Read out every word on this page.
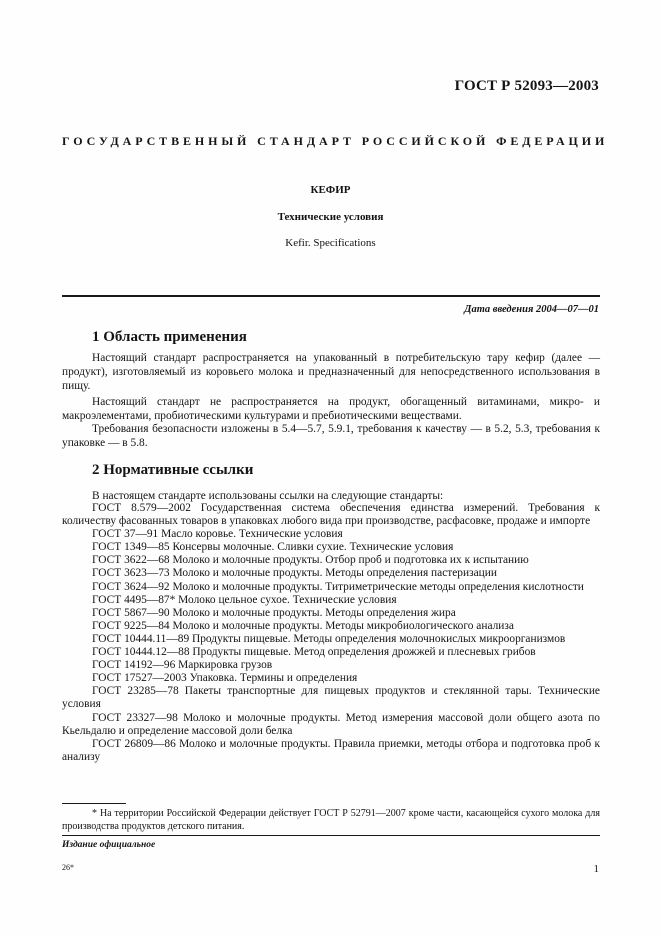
ГОСТ Р 52093—2003
ГОСУДАРСТВЕННЫЙ СТАНДАРТ РОССИЙСКОЙ ФЕДЕРАЦИИ
КЕФИР
Технические условия
Kefir. Specifications
Дата введения 2004—07—01
1 Область применения

Настоящий стандарт распространяется на упакованный в потребительскую тару кефир (далее — продукт), изготовляемый из коровьего молока и предназначенный для непосредственного использования в пищу.

Настоящий стандарт не распространяется на продукт, обогащенный витаминами, микро- и макроэлементами, пробиотическими культурами и пребиотическими веществами.

Требования безопасности изложены в 5.4—5.7, 5.9.1, требования к качеству — в 5.2, 5.3, требования к упаковке — в 5.8.

2 Нормативные ссылки

В настоящем стандарте использованы ссылки на следующие стандарты:

ГОСТ 8.579—2002 Государственная система обеспечения единства измерений. Требования к количеству фасованных товаров в упаковках любого вида при производстве, расфасовке, продаже и импорте
ГОСТ 37—91 Масло коровье. Технические условия
ГОСТ 1349—85 Консервы молочные. Сливки сухие. Технические условия
ГОСТ 3622—68 Молоко и молочные продукты. Отбор проб и подготовка их к испытанию
ГОСТ 3623—73 Молоко и молочные продукты. Методы определения пастеризации
ГОСТ 3624—92 Молоко и молочные продукты. Титриметрические методы определения кислотности
ГОСТ 4495—87* Молоко цельное сухое. Технические условия
ГОСТ 5867—90 Молоко и молочные продукты. Методы определения жира
ГОСТ 9225—84 Молоко и молочные продукты. Методы микробиологического анализа
ГОСТ 10444.11—89 Продукты пищевые. Методы определения молочнокислых микроорганизмов
ГОСТ 10444.12—88 Продукты пищевые. Метод определения дрожжей и плесневых грибов
ГОСТ 14192—96 Маркировка грузов
ГОСТ 17527—2003 Упаковка. Термины и определения
ГОСТ 23285—78 Пакеты транспортные для пищевых продуктов и стеклянной тары. Технические условия
ГОСТ 23327—98 Молоко и молочные продукты. Метод измерения массовой доли общего азота по Кьельдалю и определение массовой доли белка
ГОСТ 26809—86 Молоко и молочные продукты. Правила приемки, методы отбора и подготовка проб к анализу
* На территории Российской Федерации действует ГОСТ Р 52791—2007 кроме части, касающейся сухого молока для производства продуктов детского питания.
Издание официальное
26*	1
